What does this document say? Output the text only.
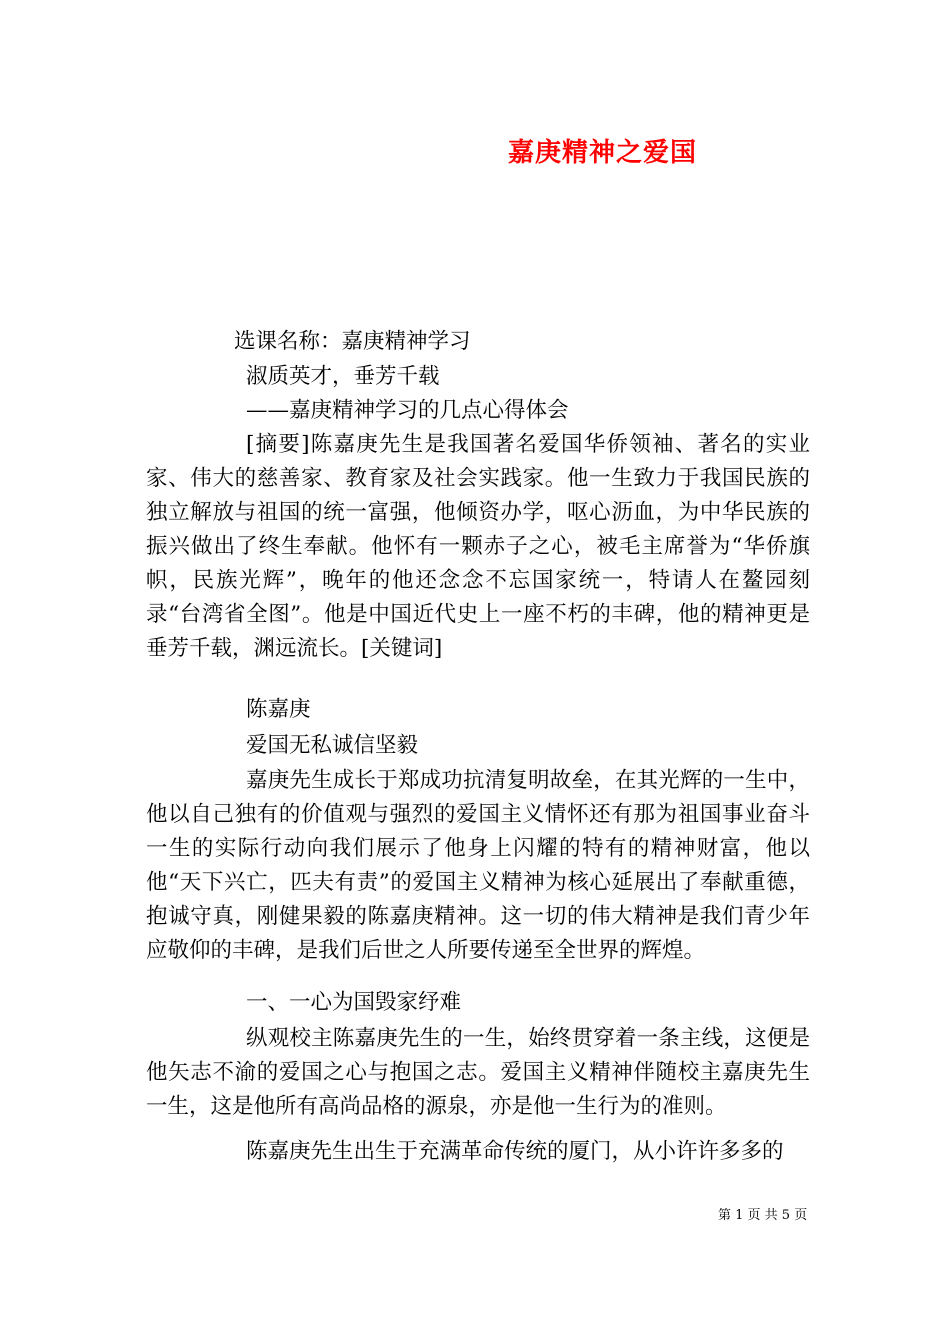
嘉庚精神之爱国
选课名称：嘉庚精神学习
淑质英才，垂芳千载
——嘉庚精神学习的几点心得体会
[摘要]陈嘉庚先生是我国著名爱国华侨领袖、著名的实业家、伟大的慈善家、教育家及社会实践家。他一生致力于我国民族的独立解放与祖国的统一富强，他倾资办学，呕心沥血，为中华民族的振兴做出了终生奉献。他怀有一颗赤子之心，被毛主席誉为“华侨旗帜，民族光辉”，晚年的他还念念不忘国家统一，特请人在鳌园刻录“台湾省全图”。他是中国近代史上一座不朽的丰碑，他的精神更是垂芳千载，渊远流长。[关键词]
陈嘉庚
爱国无私诚信坚毅
嘉庚先生成长于郑成功抗清复明故垒，在其光辉的一生中，他以自己独有的价值观与强烈的爱国主义情怀还有那为祖国事业奋斗一生的实际行动向我们展示了他身上闪耀的特有的精神财富，他以他“天下兴亡，匹夫有责”的爱国主义精神为核心延展出了奉献重德，抱诚守真，刚健果毅的陈嘉庚精神。这一切的伟大精神是我们青少年应敬仰的丰碑，是我们后世之人所要传递至全世界的辉煌。
一、一心为国毁家纾难
纵观校主陈嘉庚先生的一生，始终贯穿着一条主线，这便是他矢志不渝的爱国之心与抱国之志。爱国主义精神伴随校主嘉庚先生一生，这是他所有高尚品格的源泉，亦是他一生行为的准则。
陈嘉庚先生出生于充满革命传统的厦门，从小许许多多的
第 1 页 共 5 页
